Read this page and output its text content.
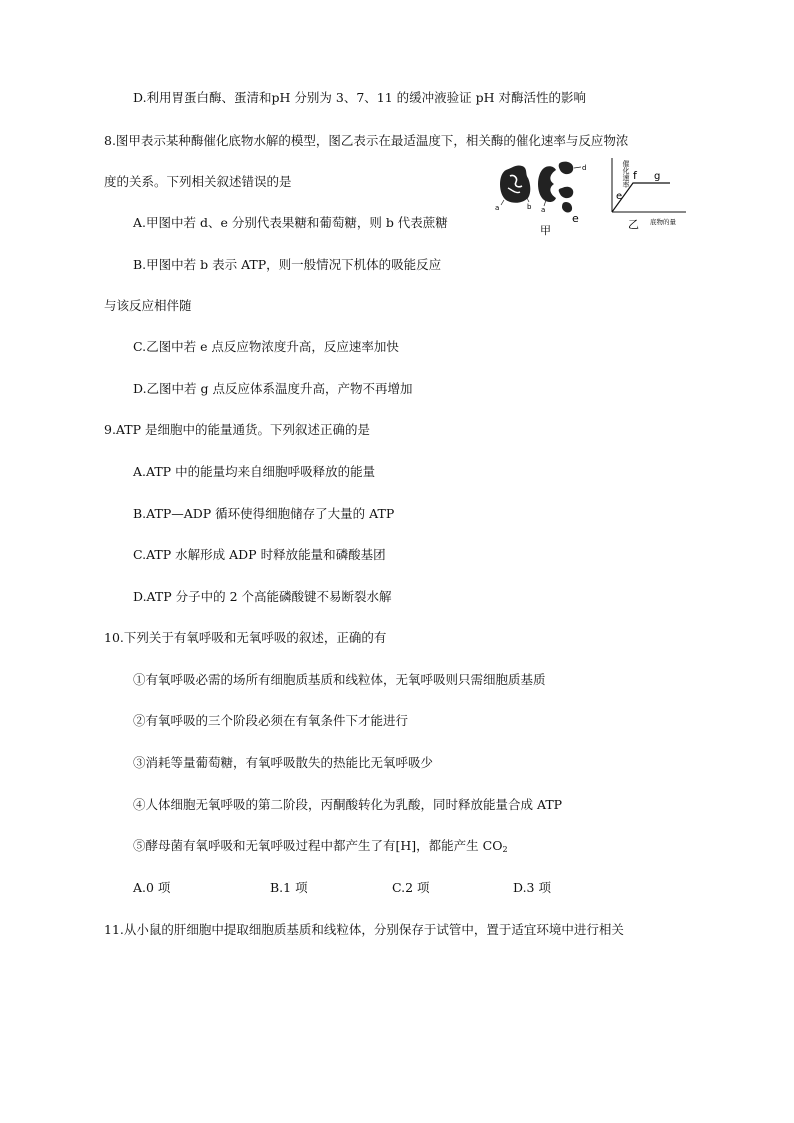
D.利用胃蛋白酶、蛋清和pH 分别为 3、7、11 的缓冲液验证 pH 对酶活性的影响
8.图甲表示某种酶催化底物水解的模型，图乙表示在最适温度下，相关酶的催化速率与反应物浓
度的关系。下列相关叙述错误的是
A.甲图中若 d、e 分别代表果糖和葡萄糖，则 b 代表蔗糖
B.甲图中若 b 表示 ATP，则一般情况下机体的吸能反应
与该反应相伴随
C.乙图中若 e 点反应物浓度升高，反应速率加快
D.乙图中若 g 点反应体系温度升高，产物不再增加
a	b a
d
e
甲
催化速率
e
f g
乙 底物的量
9.ATP 是细胞中的能量通货。下列叙述正确的是
A.ATP 中的能量均来自细胞呼吸释放的能量
B.ATP—ADP 循环使得细胞储存了大量的 ATP
C.ATP 水解形成 ADP 时释放能量和磷酸基团
D.ATP 分子中的 2 个高能磷酸键不易断裂水解
10.下列关于有氧呼吸和无氧呼吸的叙述，正确的有
①有氧呼吸必需的场所有细胞质基质和线粒体，无氧呼吸则只需细胞质基质
②有氧呼吸的三个阶段必须在有氧条件下才能进行
③消耗等量葡萄糖，有氧呼吸散失的热能比无氧呼吸少
④人体细胞无氧呼吸的第二阶段，丙酮酸转化为乳酸，同时释放能量合成 ATP
⑤酵母菌有氧呼吸和无氧呼吸过程中都产生了有[H]，都能产生 $CO_2$
A.0 项	B.1 项	C.2 项	D.3 项
11.从小鼠的肝细胞中提取细胞质基质和线粒体，分别保存于试管中，置于适宜环境中进行相关
